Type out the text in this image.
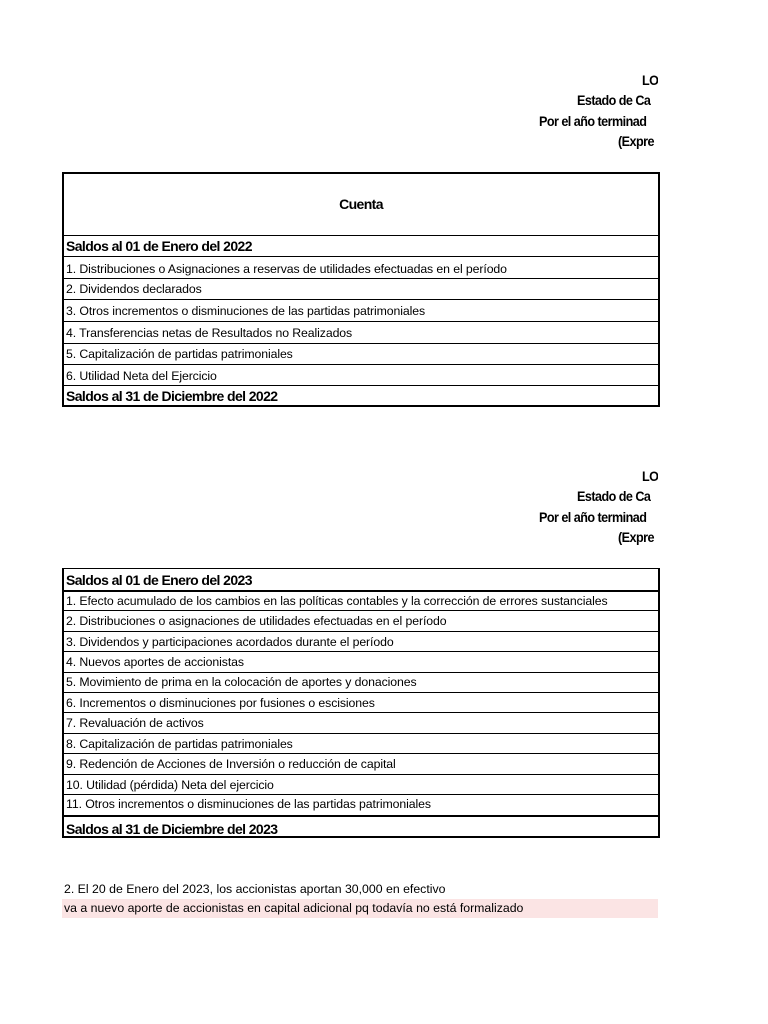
LO
Estado de Ca
Por el año terminad
(Expre
Cuenta
Saldos al 01 de Enero del 2022
1. Distribuciones o Asignaciones a reservas de utilidades efectuadas en el período
2. Dividendos declarados
3. Otros incrementos o disminuciones de las partidas patrimoniales
4. Transferencias netas de Resultados no Realizados
5. Capitalización de partidas patrimoniales
6. Utilidad Neta del Ejercicio
Saldos al 31 de Diciembre del 2022
LO
Estado de Ca
Por el año terminad
(Expre
Saldos al 01 de Enero del 2023
1. Efecto acumulado de los cambios en las políticas contables y la corrección de errores sustanciales
2. Distribuciones o asignaciones de utilidades efectuadas en el período
3. Dividendos y participaciones acordados durante el período
4. Nuevos aportes de accionistas
5. Movimiento de prima en la colocación de aportes y donaciones
6. Incrementos o disminuciones por fusiones o escisiones
7. Revaluación de activos
8. Capitalización de partidas patrimoniales
9. Redención de Acciones de Inversión o reducción de capital
10. Utilidad (pérdida) Neta del ejercicio
11. Otros incrementos o disminuciones de las partidas patrimoniales
Saldos al 31 de Diciembre del 2023
2. El 20 de Enero del 2023, los accionistas aportan 30,000 en efectivo
va a nuevo aporte de accionistas en capital adicional pq todavía no está formalizado
